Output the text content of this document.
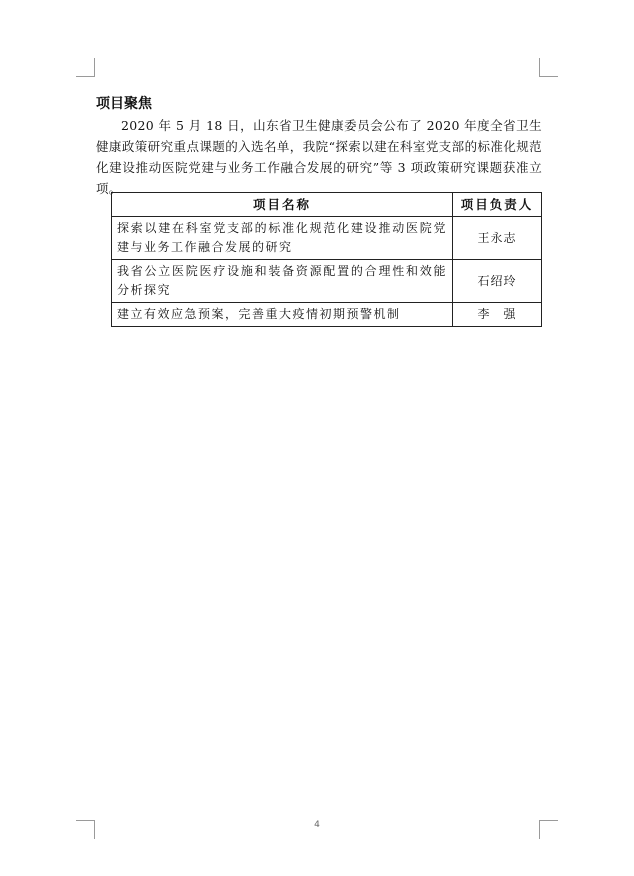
项目聚焦

2020 年 5 月 18 日，山东省卫生健康委员会公布了 2020 年度全省卫生健康政策研究重点课题的入选名单，我院“探索以建在科室党支部的标准化规范化建设推动医院党建与业务工作融合发展的研究”等 3 项政策研究课题获准立项。

项目名称	项目负责人
探索以建在科室党支部的标准化规范化建设推动医院党建与业务工作融合发展的研究	王永志
我省公立医院医疗设施和装备资源配置的合理性和效能分析探究	石绍玲
建立有效应急预案，完善重大疫情初期预警机制	李　强
4
